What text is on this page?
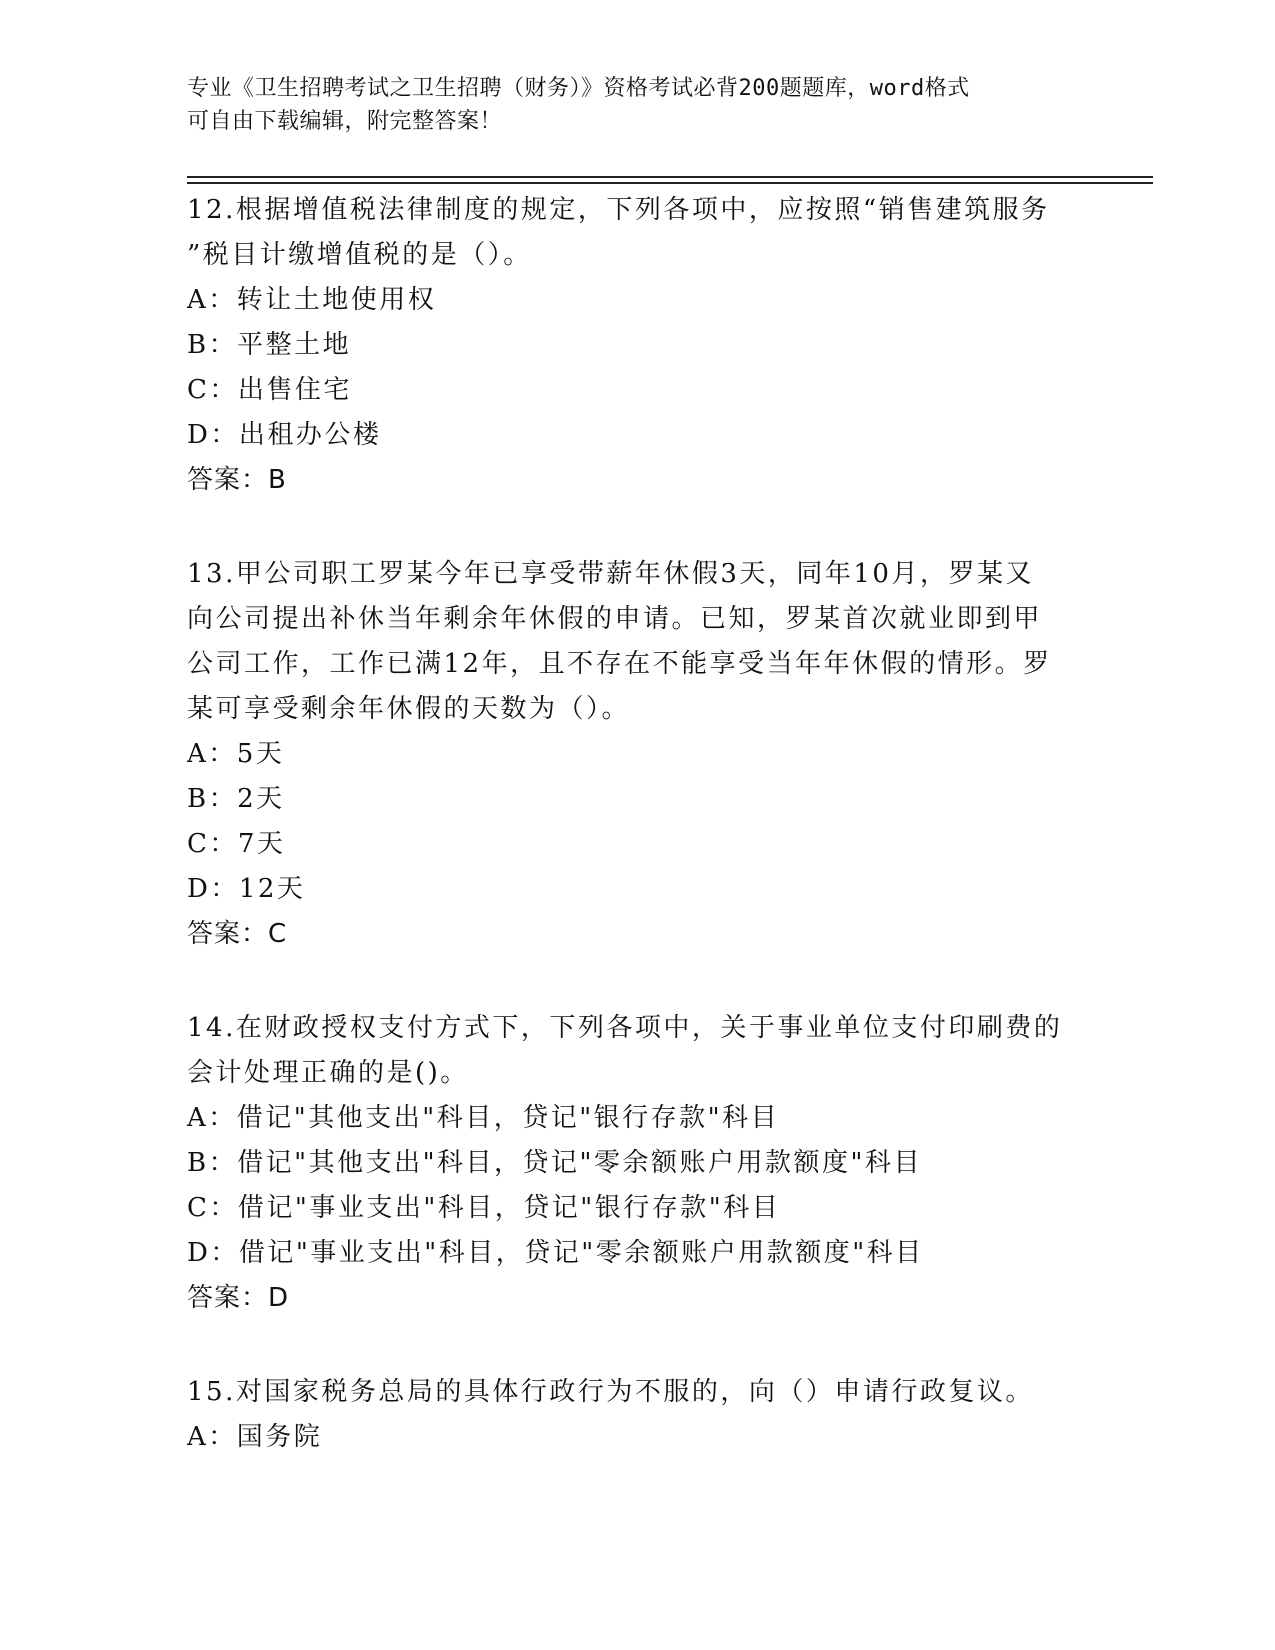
专业《卫生招聘考试之卫生招聘（财务）》资格考试必背200题题库，word格式
可自由下载编辑，附完整答案！
12.根据增值税法律制度的规定，下列各项中，应按照“销售建筑服务
”税目计缴增值税的是（）。
A：转让土地使用权
B：平整土地
C：出售住宅
D：出租办公楼
答案：B
13.甲公司职工罗某今年已享受带薪年休假3天，同年10月，罗某又
向公司提出补休当年剩余年休假的申请。已知，罗某首次就业即到甲
公司工作，工作已满12年，且不存在不能享受当年年休假的情形。罗
某可享受剩余年休假的天数为（）。
A：5天
B：2天
C：7天
D：12天
答案：C
14.在财政授权支付方式下，下列各项中，关于事业单位支付印刷费的
会计处理正确的是()。
A：借记"其他支出"科目，贷记"银行存款"科目
B：借记"其他支出"科目，贷记"零余额账户用款额度"科目
C：借记"事业支出"科目，贷记"银行存款"科目
D：借记"事业支出"科目，贷记"零余额账户用款额度"科目
答案：D
15.对国家税务总局的具体行政行为不服的，向（）申请行政复议。
A：国务院
